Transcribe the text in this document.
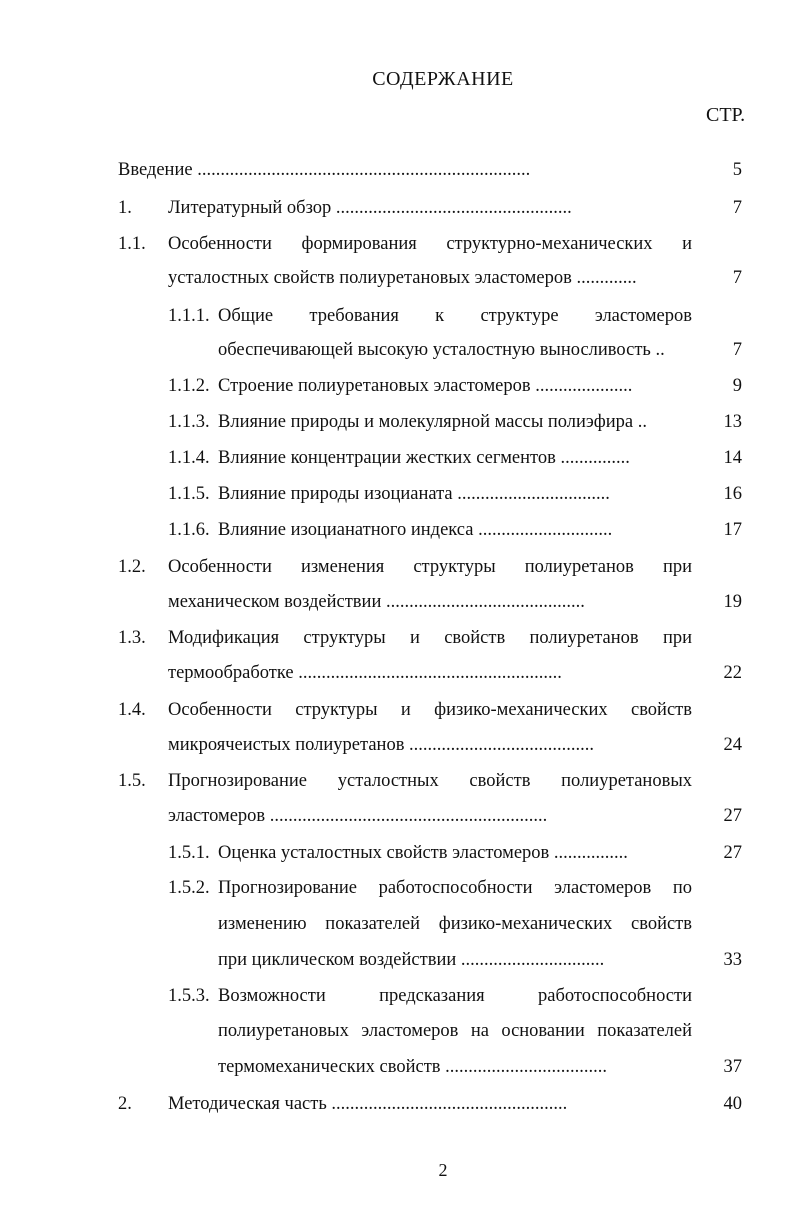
СОДЕРЖАНИЕ
СТР.
Введение ........................................................................	5
1. Литературный обзор ...................................................	7
1.1. Особенности формирования структурно-механических и
усталостных свойств полиуретановых эластомеров .............	7
1.1.1. Общие требования к структуре эластомеров
обеспечивающей высокую усталостную выносливость ..	7
1.1.2. Строение полиуретановых эластомеров .....................	9
1.1.3. Влияние природы и молекулярной массы полиэфира ..	13
1.1.4. Влияние концентрации жестких сегментов ...............	14
1.1.5. Влияние природы изоцианата .................................	16
1.1.6. Влияние изоцианатного индекса .............................	17
1.2. Особенности изменения структуры полиуретанов при
механическом воздействии ...........................................	19
1.3. Модификация структуры и свойств полиуретанов при
термообработке .........................................................	22
1.4. Особенности структуры и физико-механических свойств
микроячеистых полиуретанов ........................................	24
1.5. Прогнозирование усталостных свойств полиуретановых
эластомеров ............................................................	27
1.5.1. Оценка усталостных свойств эластомеров ................	27
1.5.2. Прогнозирование работоспособности эластомеров по
изменению показателей физико-механических свойств
при циклическом воздействии ...............................	33
1.5.3. Возможности предсказания работоспособности
полиуретановых эластомеров на основании показателей
термомеханических свойств ...................................	37
2. Методическая часть ...................................................	40
2
